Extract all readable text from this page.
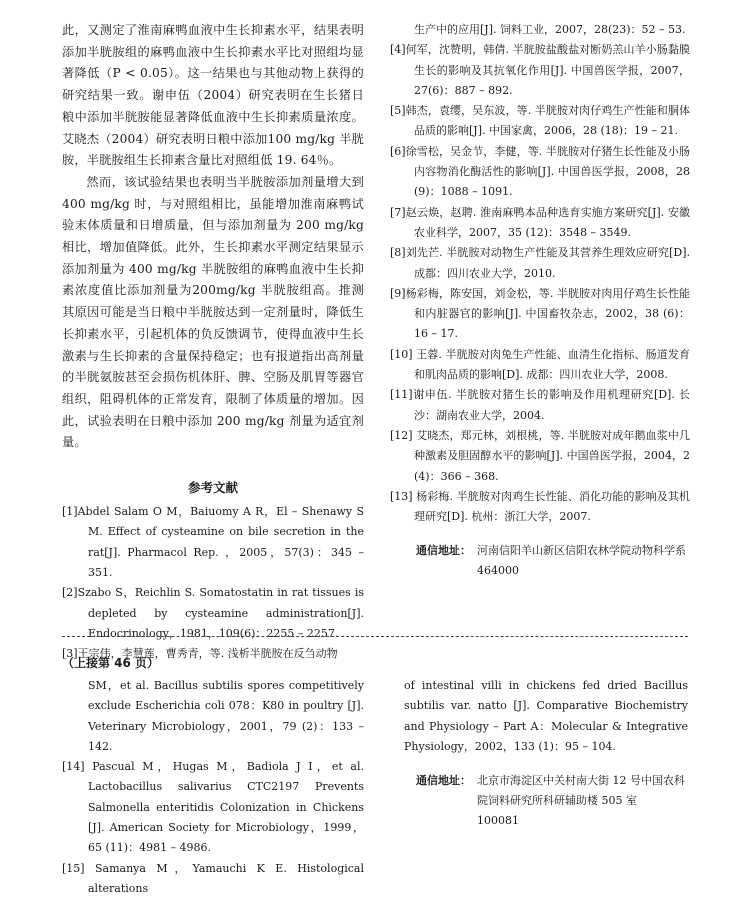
此，又测定了淮南麻鸭血液中生长抑素水平，结果表明添加半胱胺组的麻鸭血液中生长抑素水平比对照组均显著降低（P < 0.05）。这一结果也与其他动物上获得的研究结果一致。谢申伍（2004）研究表明在生长猪日粮中添加半胱胺能显著降低血液中生长抑素质量浓度。艾晓杰（2004）研究表明日粮中添加100 mg/kg 半胱胺，半胱胺组生长抑素含量比对照组低 19. 64％。

然而，该试验结果也表明当半胱胺添加剂量增大到 400 mg/kg 时，与对照组相比，虽能增加淮南麻鸭试验末体质量和日增质量，但与添加剂量为 200 mg/kg 相比，增加值降低。此外，生长抑素水平测定结果显示添加剂量为 400 mg/kg 半胱胺组的麻鸭血液中生长抑素浓度值比添加剂量为200mg/kg 半胱胺组高。推测其原因可能是当日粮中半胱胺达到一定剂量时，降低生长抑素水平，引起机体的负反馈调节，使得血液中生长激素与生长抑素的含量保持稳定；也有报道指出高剂量的半胱氨胺甚至会损伤机体肝、脾、空肠及肌胃等器官组织，阻碍机体的正常发育，限制了体质量的增加。因此，试验表明在日粮中添加 200 mg/kg 剂量为适宜剂量。

参考文献

[1]Abdel Salam O M，Baiuomy A R，El – Shenawy S M. Effect of cysteamine on bile secretion in the rat[J]. Pharmacol Rep. ，2005，57(3)：345 – 351.

[2]Szabo S，Reichlin S. Somatostatin in rat tissues is depleted by cysteamine administration[J]. Endocrinology，1981，109(6)：2255 – 2257.

[3]王宗伟，李慧莲，曹秀青，等. 浅析半胱胺在反刍动物

生产中的应用[J]. 饲料工业，2007，28(23)：52 – 53.

[4]何军，沈赞明，韩倩. 半胱胺盐酸盐对断奶羔山羊小肠黏膜生长的影响及其抗氧化作用[J]. 中国兽医学报，2007，27(6)：887 – 892.

[5]韩杰，袁缨，吴东波，等. 半胱胺对肉仔鸡生产性能和胴体品质的影响[J]. 中国家禽，2006，28 (18)：19 – 21.

[6]徐雪松，吴金节，李健，等. 半胱胺对仔猪生长性能及小肠内容物消化酶活性的影响[J]. 中国兽医学报，2008，28 (9)：1088 – 1091.

[7]赵云焕，赵聘. 淮南麻鸭本品种选育实施方案研究[J]. 安徽农业科学，2007，35 (12)：3548 – 3549.

[8]刘先芒. 半胱胺对动物生产性能及其营养生理效应研究[D]. 成都：四川农业大学，2010.

[9]杨彩梅，陈安国，刘金松，等. 半胱胺对肉用仔鸡生长性能和内脏器官的影响[J]. 中国畜牧杂志，2002，38 (6)：16 – 17.

[10] 王蓉. 半胱胺对肉兔生产性能、血清生化指标、肠道发育和肌肉品质的影响[D]. 成都：四川农业大学，2008.

[11]谢申伍. 半胱胺对猪生长的影响及作用机理研究[D]. 长沙：湖南农业大学，2004.

[12] 艾晓杰，郑元林，刘根桃，等. 半胱胺对成年鹅血浆中几种激素及胆固醇水平的影响[J]. 中国兽医学报，2004，2 (4)：366 – 368.

[13] 杨彩梅. 半胱胺对肉鸡生长性能、消化功能的影响及其机理研究[D]. 杭州：浙江大学，2007.

通信地址： 河南信阳羊山新区信阳农林学院动物科学系　464000
（上接第 46 页）

SM，et al. Bacillus subtilis spores competitively exclude Escherichia coli 078：K80 in poultry [J]. Veterinary Microbiology，2001，79 (2)：133 – 142.

[14] Pascual M，Hugas M，Badiola J I，et al. Lactobacillus salivarius CTC2197 Prevents Salmonella enteritidis Colonization in Chickens [J]. American Society for Microbiology，1999，65 (11)：4981 – 4986.

[15] Samanya M，Yamauchi K E. Histological alterations

of intestinal villi in chickens fed dried Bacillus subtilis var. natto [J]. Comparative Biochemistry and Physiology – Part A：Molecular & Integrative Physiology，2002，133 (1)：95 – 104.

通信地址： 北京市海淀区中关村南大街 12 号中国农科院饲料研究所科研辅助楼 505 室　100081
